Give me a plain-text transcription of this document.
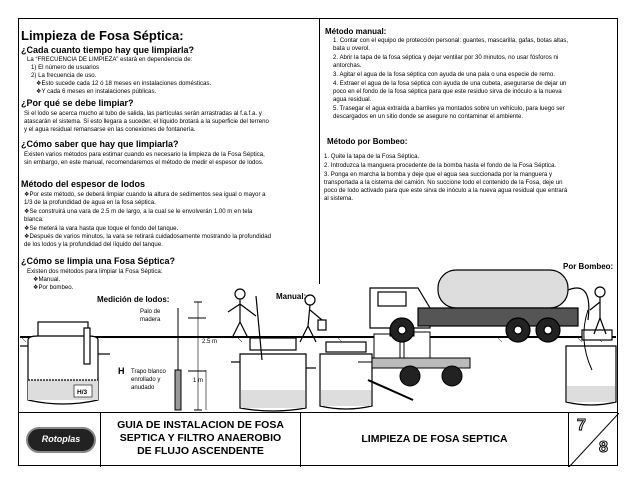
Limpieza de Fosa Séptica:
¿Cada cuanto tiempo hay que limpiarla?
La “FRECUENCIA DE LIMPIEZA” estará en dependencia de:
1) El número de usuarios
2) La frecuencia de uso.
❖Esto sucede cada 12 ó 18 meses en instalaciones domésticas.
❖Y cada 6 meses en instalaciones públicas.
¿Por qué se debe limpiar?
Si el lodo se acerca mucho al tubo de salida, las partículas serán arrastradas al f.a.f.a. y
atascarán el sistema. Si esto llegara a suceder, el líquido brotará a la superficie del terreno
y el agua residual remansarse en las conexiones de fontanería.
¿Cómo saber que hay que limpiarla?
Existen varios métodos para estimar cuando es necesario la limpieza de la Fosa Séptica,
sin embargo, en este manual, recomendaremos el método de medir el espesor de lodos.
Método del espesor de lodos
❖Por este método, se deberá limpiar cuando la altura de sedimentos sea igual o mayor a
1/3 de la profundidad de agua en la fosa séptica.
❖Se construirá una vara de 2.5 m de largo, a la cual se le envolverán 1.00 m en tela
blanca.
❖Se meterá la vara hasta que toque el fondo del tanque.
❖Después de varios minutos, la vara se retirará cuidadosamente mostrando la profundidad
de los lodos y la profundidad del líquido del tanque.
¿Cómo se limpia una Fosa Séptica?
Existen dos métodos para limpiar la Fosa Séptica:
❖Manual.
❖Por bombeo.
Método manual:
1. Contar con el equipo de protección personal: guantes, mascarilla, gafas, botas altas,
bata u overol.
2. Abrir la tapa de la fosa séptica y dejar ventilar por 30 minutos, no usar fósforos ni
antorchas.
3. Agitar el agua de la fosa séptica con ayuda de una pala o una especie de remo.
4. Extraer el agua de la fosa séptica con ayuda de una cubeta, asegurarse de dejar un
poco en el fondo de la fosa séptica para que este residuo sirva de inóculo a la nueva
agua residual.
5. Trasegar el agua extraída a barriles ya montados sobre un vehículo, para luego ser
descargados en un sitio donde se asegure no contaminar el ambiente.
Método por Bombeo:
1. Quite la tapa de la Fosa Séptica.
2. Introduzca la manguera procedente de la bomba hasta el fondo de la Fosa Séptica.
3. Ponga en marcha la bomba y deje que el agua sea succionada por la manguera y
transportada a la cisterna del camión. No succione todo el contenido de la Fosa, deje un
poco de lodo activado para que este sirva de inóculo a la nueva agua residual que entrará
al sistema.
Medición de lodos:	Manual:
Por Bombeo:
Palo de
madera
Trapo blanco
enrollado y
anudado
2.5 m
1 m
H
H/3
Rotoplas
GUIA DE INSTALACION DE FOSA
SEPTICA Y FILTRO ANAEROBIO
DE FLUJO ASCENDENTE
LIMPIEZA DE FOSA SEPTICA
7
8
